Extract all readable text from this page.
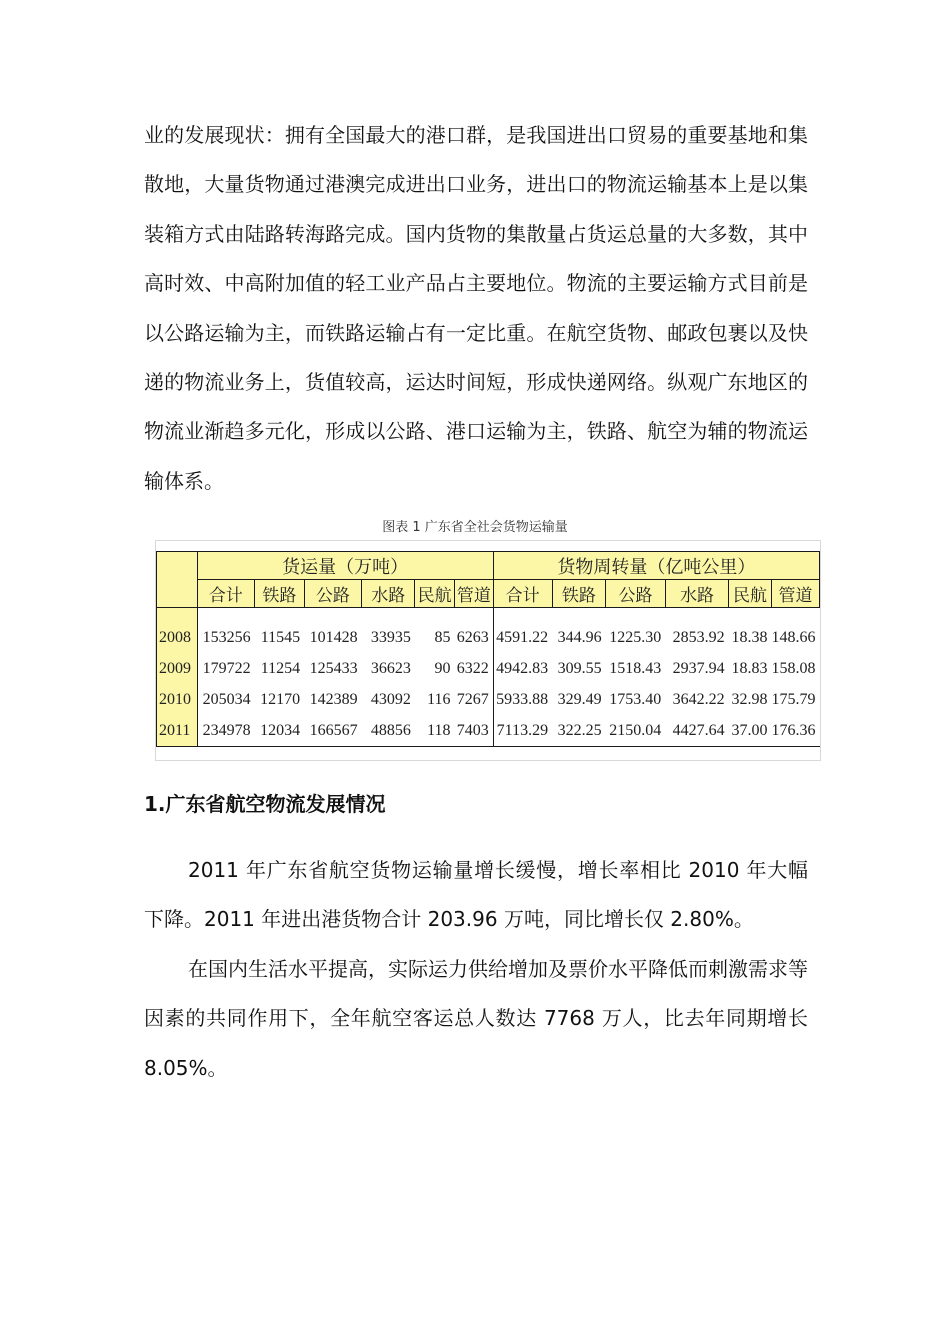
业的发展现状：拥有全国最大的港口群，是我国进出口贸易的重要基地和集散地，大量货物通过港澳完成进出口业务，进出口的物流运输基本上是以集装箱方式由陆路转海路完成。国内货物的集散量占货运总量的大多数，其中高时效、中高附加值的轻工业产品占主要地位。物流的主要运输方式目前是以公路运输为主，而铁路运输占有一定比重。在航空货物、邮政包裹以及快递的物流业务上，货值较高，运达时间短，形成快递网络。纵观广东地区的物流业渐趋多元化，形成以公路、港口运输为主，铁路、航空为辅的物流运输体系。

图表 1 广东省全社会货物运输量
	货运量（万吨）						货物周转量（亿吨公里）					
	合计	铁路	公路	水路	民航	管道	合计	铁路	公路	水路	民航	管道

2008	153256	11545	101428	33935	85	6263	4591.22	344.96	1225.30	2853.92	18.38	148.66
2009	179722	11254	125433	36623	90	6322	4942.83	309.55	1518.43	2937.94	18.83	158.08
2010	205034	12170	142389	43092	116	7267	5933.88	329.49	1753.40	3642.22	32.98	175.79
2011	234978	12034	166567	48856	118	7403	7113.29	322.25	2150.04	4427.64	37.00	176.36
1.广东省航空物流发展情况

2011 年广东省航空货物运输量增长缓慢，增长率相比 2010 年大幅下降。2011 年进出港货物合计 203.96 万吨，同比增长仅 2.80%。

在国内生活水平提高，实际运力供给增加及票价水平降低而刺激需求等因素的共同作用下，全年航空客运总人数达 7768 万人，比去年同期增长 8.05%。
